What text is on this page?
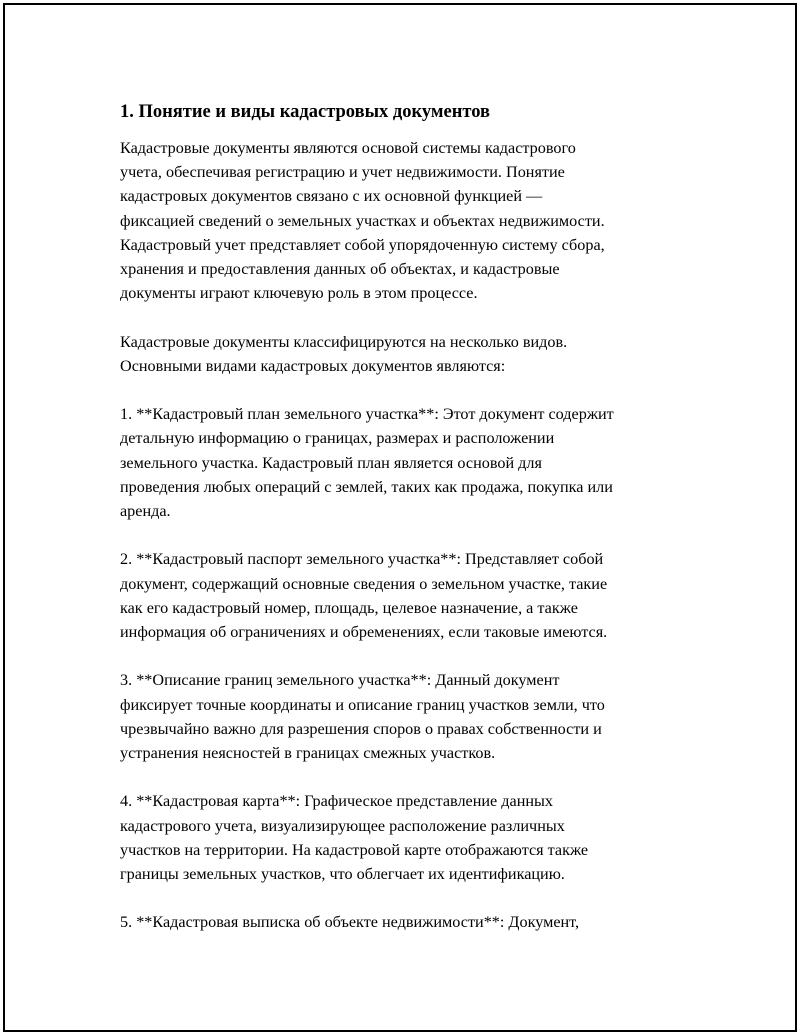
1. Понятие и виды кадастровых документов

Кадастровые документы являются основой системы кадастрового
учета, обеспечивая регистрацию и учет недвижимости. Понятие
кадастровых документов связано с их основной функцией —
фиксацией сведений о земельных участках и объектах недвижимости.
Кадастровый учет представляет собой упорядоченную систему сбора,
хранения и предоставления данных об объектах, и кадастровые
документы играют ключевую роль в этом процессе.

Кадастровые документы классифицируются на несколько видов.
Основными видами кадастровых документов являются:

1. **Кадастровый план земельного участка**: Этот документ содержит
детальную информацию о границах, размерах и расположении
земельного участка. Кадастровый план является основой для
проведения любых операций с землей, таких как продажа, покупка или
аренда.

2. **Кадастровый паспорт земельного участка**: Представляет собой
документ, содержащий основные сведения о земельном участке, такие
как его кадастровый номер, площадь, целевое назначение, а также
информация об ограничениях и обременениях, если таковые имеются.

3. **Описание границ земельного участка**: Данный документ
фиксирует точные координаты и описание границ участков земли, что
чрезвычайно важно для разрешения споров о правах собственности и
устранения неясностей в границах смежных участков.

4. **Кадастровая карта**: Графическое представление данных
кадастрового учета, визуализирующее расположение различных
участков на территории. На кадастровой карте отображаются также
границы земельных участков, что облегчает их идентификацию.

5. **Кадастровая выписка об объекте недвижимости**: Документ,
